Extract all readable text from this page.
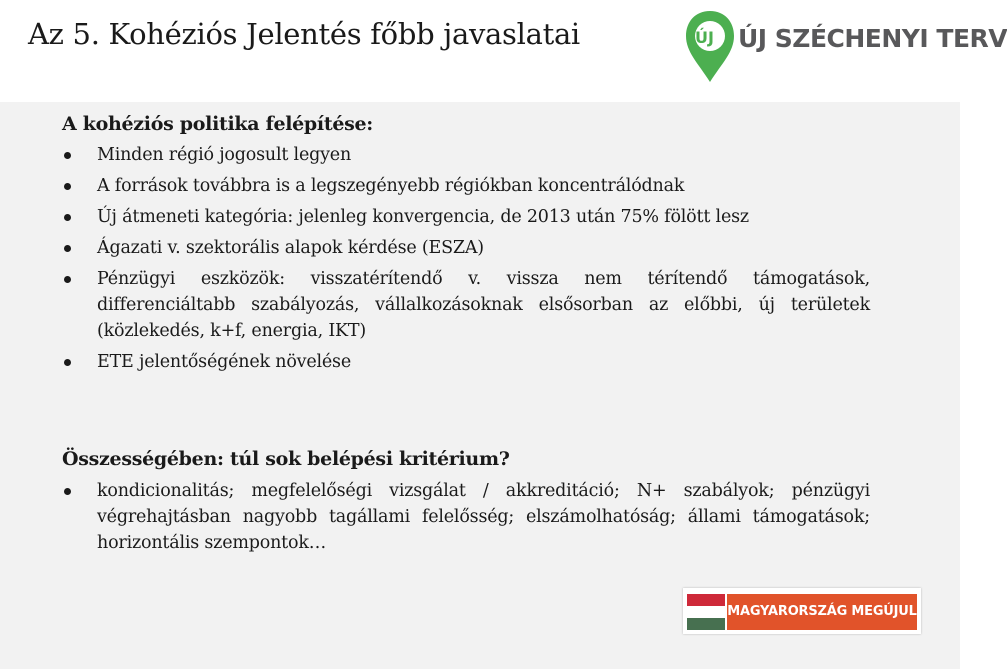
Az 5. Kohéziós Jelentés főbb javaslatai	ÚJ ÚJ SZÉCHENYI TERV
A kohéziós politika felépítése:
Minden régió jogosult legyen
A források továbbra is a legszegényebb régiókban koncentrálódnak
Új átmeneti kategória: jelenleg konvergencia, de 2013 után 75% fölött lesz
Ágazati v. szektorális alapok kérdése (ESZA)
Pénzügyi eszközök: visszatérítendő v. vissza nem térítendő támogatások, differenciáltabb szabályozás, vállalkozásoknak elsősorban az előbbi, új területek (közlekedés, k+f, energia, IKT)
ETE jelentőségének növelése
Összességében: túl sok belépési kritérium?
kondicionalitás; megfelelőségi vizsgálat / akkreditáció; N+ szabályok; pénzügyi végrehajtásban nagyobb tagállami felelősség; elszámolhatóság; állami támogatások; horizontális szempontok…
MAGYARORSZÁG MEGÚJUL
